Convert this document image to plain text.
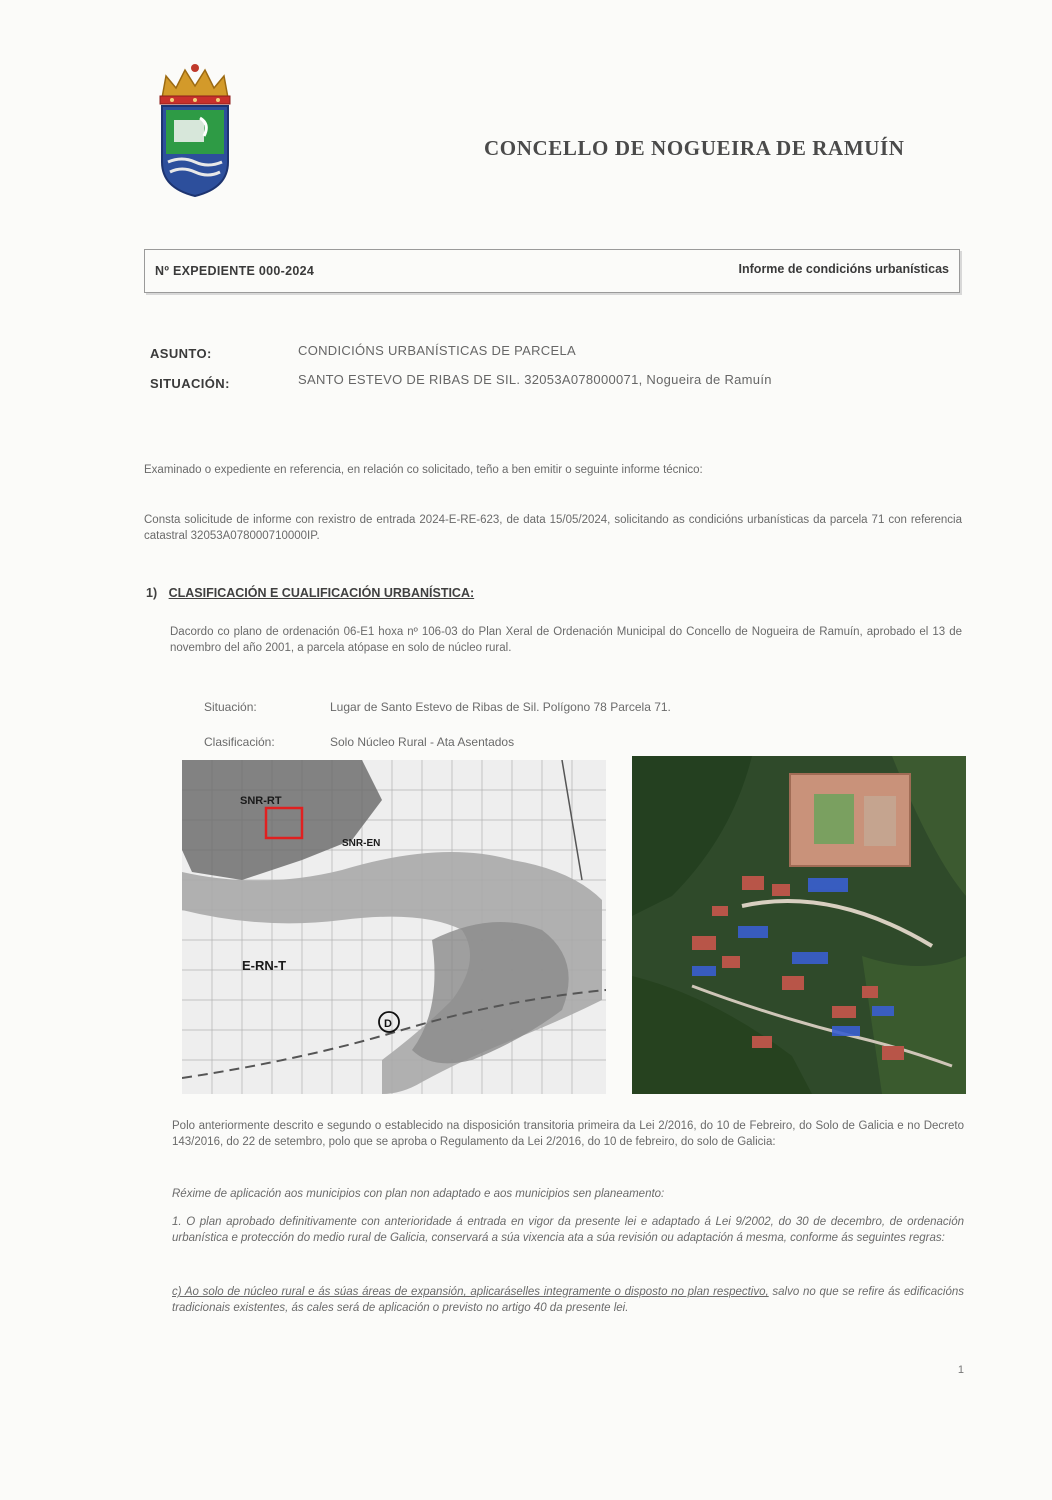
CONCELLO DE NOGUEIRA DE RAMUÍN
Nº EXPEDIENTE 000-2024	Informe de condicións urbanísticas
ASUNTO:	CONDICIÓNS URBANÍSTICAS DE PARCELA
SITUACIÓN:	SANTO ESTEVO DE RIBAS DE SIL. 32053A078000071, Nogueira de Ramuín
Examinado o expediente en referencia, en relación co solicitado, teño a ben emitir o seguinte informe técnico:
Consta solicitude de informe con rexistro de entrada 2024-E-RE-623, de data 15/05/2024, solicitando as condicións urbanísticas da parcela 71 con referencia catastral 32053A078000710000IP.
1) CLASIFICACIÓN E CUALIFICACIÓN URBANÍSTICA:
Dacordo co plano de ordenación 06-E1 hoxa nº 106-03 do Plan Xeral de Ordenación Municipal do Concello de Nogueira de Ramuín, aprobado el 13 de novembro del año 2001, a parcela atópase en solo de núcleo rural.
Situación:	Lugar de Santo Estevo de Ribas de Sil. Polígono 78 Parcela 71.
Clasificación:	Solo Núcleo Rural - Ata Asentados
SNR-RT
SNR-EN
E-RN-T
D
Polo anteriormente descrito e segundo o establecido na disposición transitoria primeira da Lei 2/2016, do 10 de Febreiro, do Solo de Galicia e no Decreto 143/2016, do 22 de setembro, polo que se aproba o Regulamento da Lei 2/2016, do 10 de febreiro, do solo de Galicia:
Réxime de aplicación aos municipios con plan non adaptado e aos municipios sen planeamento:
1. O plan aprobado definitivamente con anterioridade á entrada en vigor da presente lei e adaptado á Lei 9/2002, do 30 de decembro, de ordenación urbanística e protección do medio rural de Galicia, conservará a súa vixencia ata a súa revisión ou adaptación á mesma, conforme ás seguintes regras:
c) Ao solo de núcleo rural e ás súas áreas de expansión, aplicaráselles integramente o disposto no plan respectivo, salvo no que se refire ás edificacións tradicionais existentes, ás cales será de aplicación o previsto no artigo 40 da presente lei.
1
